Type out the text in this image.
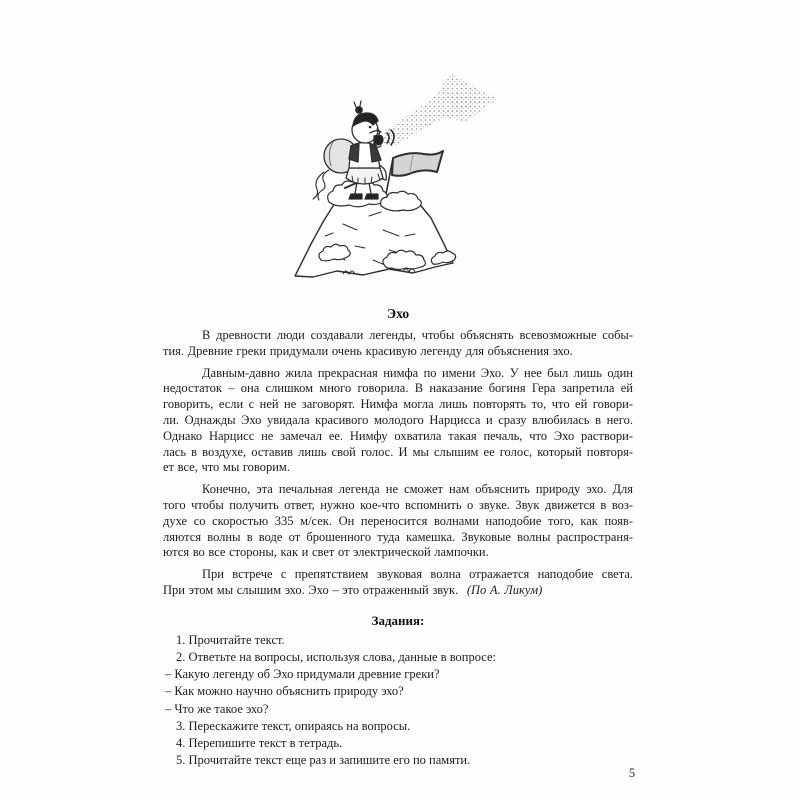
Эхо
В древности люди создавали легенды, чтобы объяснять всевозможные собы-
тия. Древние греки придумали очень красивую легенду для объяснения эхо.
Давным-давно жила прекрасная нимфа по имени Эхо. У нее был лишь один
недостаток – она слишком много говорила. В наказание богиня Гера запретила ей
говорить, если с ней не заговорят. Нимфа могла лишь повторять то, что ей говори-
ли. Однажды Эхо увидала красивого молодого Нарцисса и сразу влюбилась в него.
Однако Нарцисс не замечал ее. Нимфу охватила такая печаль, что Эхо раствори-
лась в воздухе, оставив лишь свой голос. И мы слышим ее голос, который повторя-
ет все, что мы говорим.
Конечно, эта печальная легенда не сможет нам объяснить природу эхо. Для
того чтобы получить ответ, нужно кое-что вспомнить о звуке. Звук движется в воз-
духе со скоростью 335 м/сек. Он переносится волнами наподобие того, как появ-
ляются волны в воде от брошенного туда камешка. Звуковые волны распространя-
ются во все стороны, как и свет от электрической лампочки.
При встрече с препятствием звуковая волна отражается наподобие света.
При этом мы слышим эхо. Эхо – это отраженный звук. (По А. Ликум)
Задания:
1. Прочитайте текст.
2. Ответьте на вопросы, используя слова, данные в вопросе:
– Какую легенду об Эхо придумали древние греки?
– Как можно научно объяснить природу эхо?
– Что же такое эхо?
3. Перескажите текст, опираясь на вопросы.
4. Перепишите текст в тетрадь.
5. Прочитайте текст еще раз и запишите его по памяти.
5
